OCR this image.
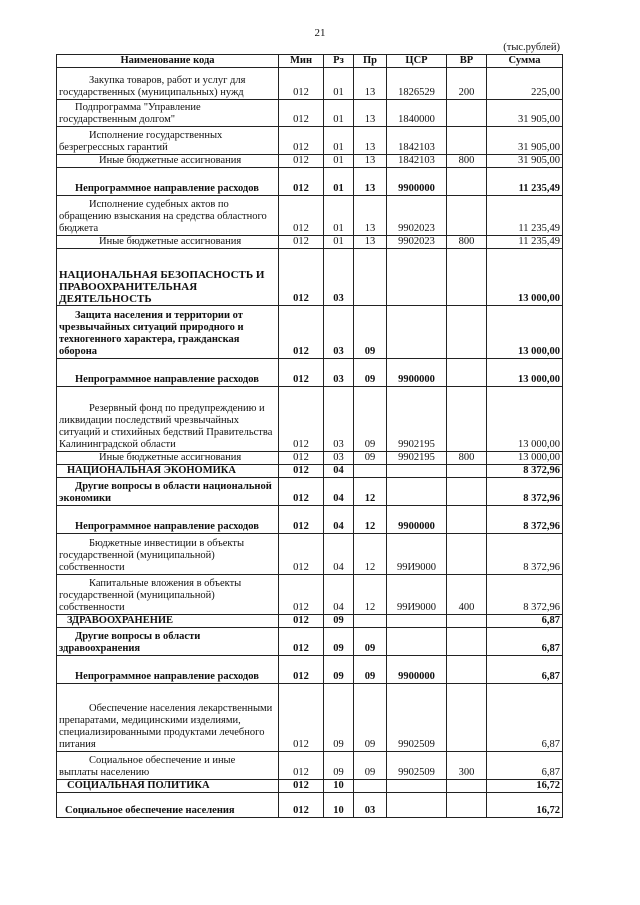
21
(тыс.рублей)
Наименование кода	Мин	Рз	Пр	ЦСР	ВР	Сумма

Закупка товаров, работ и услуг для государственных (муниципальных) нужд	012	01	13	1826529	200	225,00

Подпрограмма "Управление государственным долгом"	012	01	13	1840000		31 905,00

Исполнение государственных безрегрессных гарантий	012	01	13	1842103		31 905,00

Иные бюджетные ассигнования	012	01	13	1842103	800	31 905,00

Непрограммное направление расходов	012	01	13	9900000		11 235,49

Исполнение судебных актов по обращению взыскания на средства областного бюджета	012	01	13	9902023		11 235,49

Иные бюджетные ассигнования	012	01	13	9902023	800	11 235,49

НАЦИОНАЛЬНАЯ БЕЗОПАСНОСТЬ И ПРАВООХРАНИТЕЛЬНАЯ ДЕЯТЕЛЬНОСТЬ	012	03				13 000,00

Защита населения и территории от чрезвычайных ситуаций природного и техногенного характера, гражданская оборона	012	03	09			13 000,00

Непрограммное направление расходов	012	03	09	9900000		13 000,00

Резервный фонд по предупреждению и ликвидации последствий чрезвычайных ситуаций и стихийных бедствий Правительства Калининградской области	012	03	09	9902195		13 000,00

Иные бюджетные ассигнования	012	03	09	9902195	800	13 000,00

НАЦИОНАЛЬНАЯ ЭКОНОМИКА	012	04				8 372,96

Другие вопросы в области национальной экономики	012	04	12			8 372,96

Непрограммное направление расходов	012	04	12	9900000		8 372,96

Бюджетные инвестиции в объекты государственной (муниципальной) собственности	012	04	12	99И9000		8 372,96

Капитальные вложения в объекты государственной (муниципальной) собственности	012	04	12	99И9000	400	8 372,96

ЗДРАВООХРАНЕНИЕ	012	09				6,87

Другие вопросы в области здравоохранения	012	09	09			6,87

Непрограммное направление расходов	012	09	09	9900000		6,87

Обеспечение населения лекарственными препаратами, медицинскими изделиями, специализированными продуктами лечебного питания	012	09	09	9902509		6,87

Социальное обеспечение и иные выплаты населению	012	09	09	9902509	300	6,87

СОЦИАЛЬНАЯ ПОЛИТИКА	012	10				16,72

Социальное обеспечение населения	012	10	03			16,72
